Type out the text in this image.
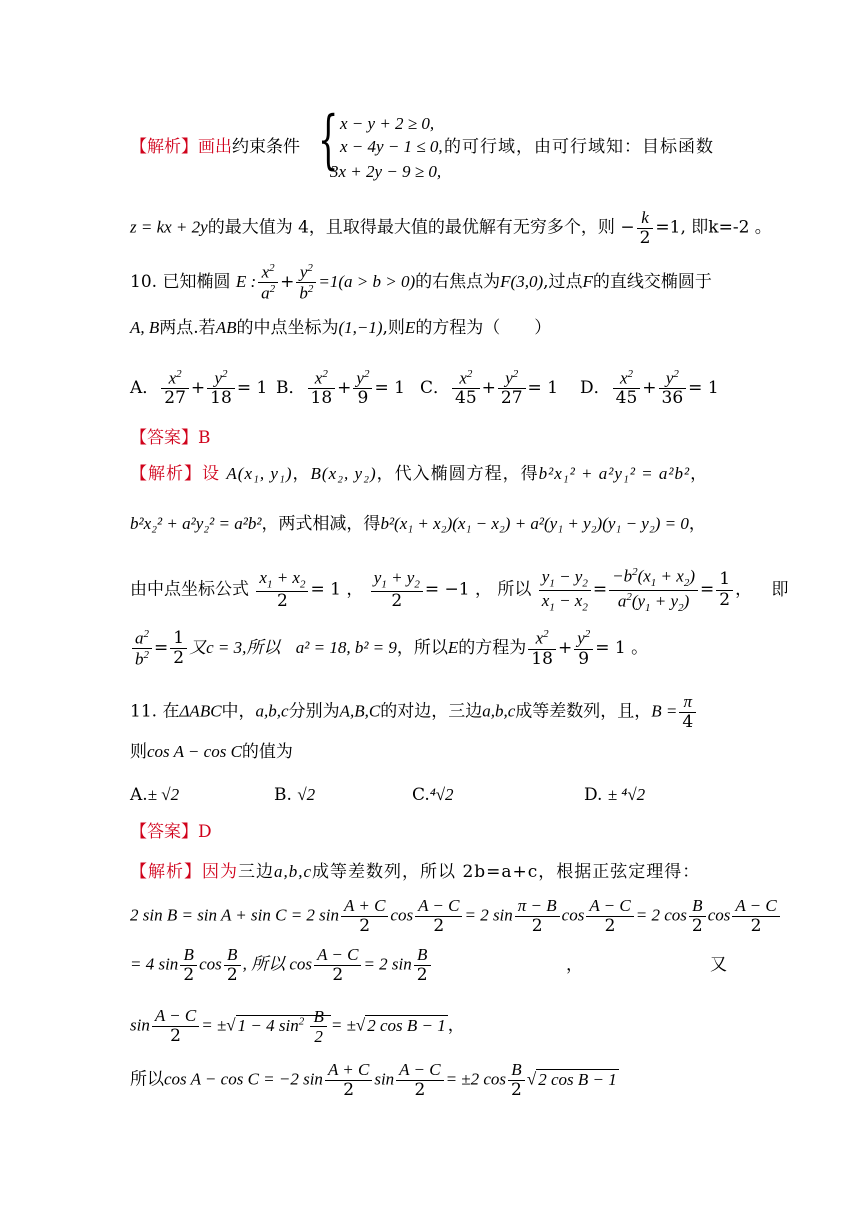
【解析】画出约束条件 { x − y + 2 ≥ 0,
x − 4y − 1 ≤ 0,
3x + 2y − 9 ≥ 0,
的可行域，由可行域知：目标函数
z = kx + 2y的最大值为 4，且取得最大值的最优解有无穷多个，则 − $\frac{k}{2} =1$, 即k=-2 。
10. 已知椭圆 E : $\frac{x^2}{a^2} + \frac{y^2}{b^2} =1(a > b > 0)$的右焦点为F(3,0),过点F的直线交椭圆于
A, B两点.若AB的中点坐标为(1,−1),则E的方程为（　　）
A． $\frac{x^2}{27} + \frac{y^2}{18} = 1$ B． $\frac{x^2}{18} + \frac{y^2}{9} = 1$ C． $\frac{x^2}{45} + \frac{y^2}{27} = 1$ D． $\frac{x^2}{45} + \frac{y^2}{36} = 1$
【答案】B
【解析】设 A(x₁, y₁)，B(x₂, y₂)，代入椭圆方程，得b²x₁² + a²y₁² = a²b²，
b²x₂² + a²y₂² = a²b²，两式相减，得b²(x₁ + x₂)(x₁ − x₂) + a²(y₁ + y₂)(y₁ − y₂) = 0，
由中点坐标公式 $\frac{x_1 + x_2}{2} = 1$ ， $\frac{y_1 + y_2}{2} = -1$ ， 所以 $\frac{y_1 - y_2}{x_1 - x_2} = \frac{-b^2(x_1 + x_2)}{a^2(y_1 + y_2)} = \frac{1}{2}$ ， 即
$\frac{a^2}{b^2} = \frac{1}{2}$ 又c = 3,所以 a² = 18, b² = 9，所以E的方程为 $\frac{x^2}{18} + \frac{y^2}{9} = 1$ 。
11. 在ΔABC中，a,b,c分别为A,B,C的对边，三边a,b,c成等差数列，且，$B = \frac{\pi}{4}$
则cos A − cos C的值为
A.± √2	B. √2	C.⁴√2	D. ± ⁴√2
【答案】D
【解析】因为三边a,b,c成等差数列，所以 2b=a+c，根据正弦定理得：
2 sin B = sin A + sin C = 2 $\sin \frac{A + C}{2}$ $\cos \frac{A - C}{2} = 2$ $\sin \frac{\pi - B}{2}$ $\cos \frac{A - C}{2} = 2$ $\cos \frac{B}{2}$ $\cos \frac{A - C}{2}$
= 4 $\sin \frac{B}{2}$ $\cos \frac{B}{2}$ , 所以 $\cos \frac{A - C}{2} = 2$ $\sin \frac{B}{2}$	，	又
$\sin \frac{A - C}{2}$ = ±√ 1 − 4 $\sin^2 \frac{B}{2}$ = ±√ 2 cos B − 1 ，
所以cos A − cos C = −2 $\sin \frac{A + C}{2}$ $\sin \frac{A - C}{2} = \pm 2$ $\cos \frac{B}{2}$ √ 2 cos B − 1
